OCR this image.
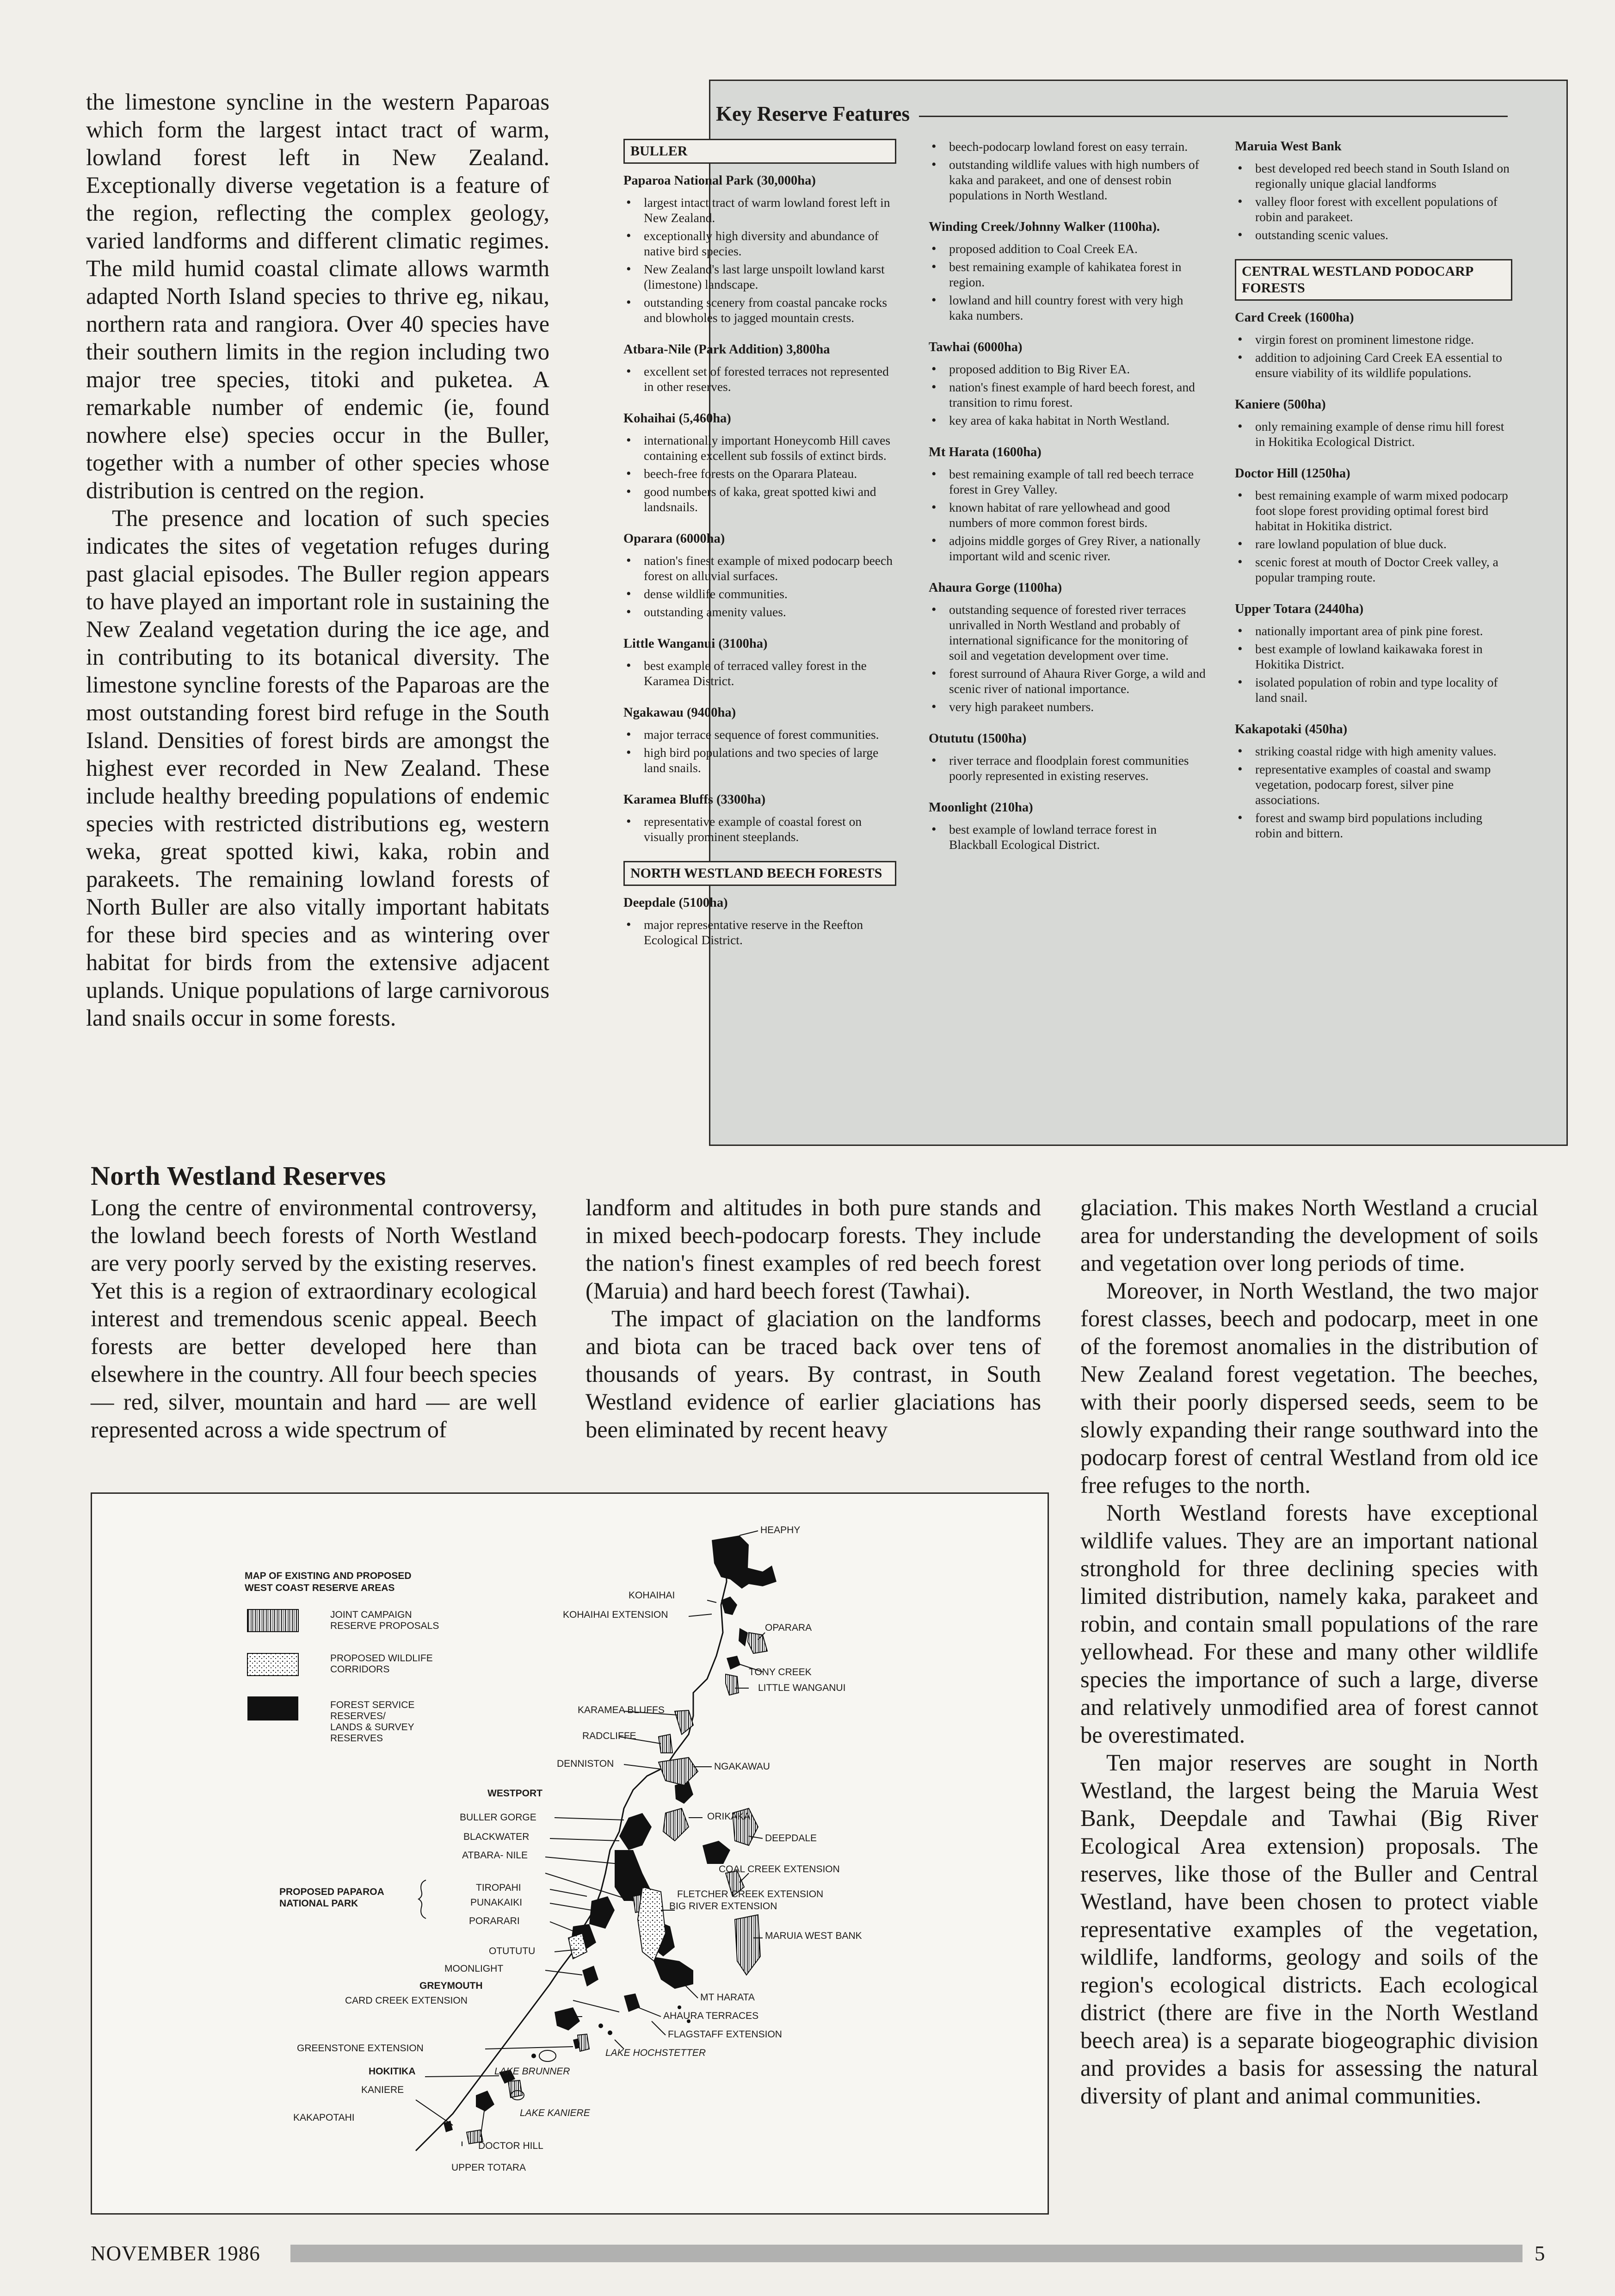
the limestone syncline in the western Paparoas which form the largest intact tract of warm, lowland forest left in New Zealand. Exceptionally diverse vegetation is a feature of the region, reflecting the complex geology, varied landforms and different climatic regimes. The mild humid coastal climate allows warmth adapted North Island species to thrive eg, nikau, northern rata and rangiora. Over 40 species have their southern limits in the region including two major tree species, titoki and puketea. A remarkable number of endemic (ie, found nowhere else) species occur in the Buller, together with a number of other species whose distribution is centred on the region.

The presence and location of such species indicates the sites of vegetation refuges during past glacial episodes. The Buller region appears to have played an important role in sustaining the New Zealand vegetation during the ice age, and in contributing to its botanical diversity. The limestone syncline forests of the Paparoas are the most outstanding forest bird refuge in the South Island. Densities of forest birds are amongst the highest ever recorded in New Zealand. These include healthy breeding populations of endemic species with restricted distributions eg, western weka, great spotted kiwi, kaka, robin and parakeets. The remaining lowland forests of North Buller are also vitally important habitats for these bird species and as wintering over habitat for birds from the extensive adjacent uplands. Unique populations of large carnivorous land snails occur in some forests.

Key Reserve Features
BULLER
Paparoa National Park (30,000ha)
• largest intact tract of warm lowland forest left in New Zealand.
• exceptionally high diversity and abundance of native bird species.
• New Zealand's last large unspoilt lowland karst (limestone) landscape.
• outstanding scenery from coastal pancake rocks and blowholes to jagged mountain crests.
Atbara-Nile (Park Addition) 3,800ha
• excellent set of forested terraces not represented in other reserves.
Kohaihai (5,460ha)
• internationally important Honeycomb Hill caves containing excellent sub fossils of extinct birds.
• beech-free forests on the Oparara Plateau.
• good numbers of kaka, great spotted kiwi and landsnails.
Oparara (6000ha)
• nation's finest example of mixed podocarp beech forest on alluvial surfaces.
• dense wildlife communities.
• outstanding amenity values.
Little Wanganui (3100ha)
• best example of terraced valley forest in the Karamea District.
Ngakawau (9400ha)
• major terrace sequence of forest communities.
• high bird populations and two species of large land snails.
Karamea Bluffs (3300ha)
• representative example of coastal forest on visually prominent steeplands.
NORTH WESTLAND BEECH FORESTS
Deepdale (5100ha)
• major representative reserve in the Reefton Ecological District.
• beech-podocarp lowland forest on easy terrain.
• outstanding wildlife values with high numbers of kaka and parakeet, and one of densest robin populations in North Westland.
Winding Creek/Johnny Walker (1100ha).
• proposed addition to Coal Creek EA.
• best remaining example of kahikatea forest in region.
• lowland and hill country forest with very high kaka numbers.
Tawhai (6000ha)
• proposed addition to Big River EA.
• nation's finest example of hard beech forest, and transition to rimu forest.
• key area of kaka habitat in North Westland.
Mt Harata (1600ha)
• best remaining example of tall red beech terrace forest in Grey Valley.
• known habitat of rare yellowhead and good numbers of more common forest birds.
• adjoins middle gorges of Grey River, a nationally important wild and scenic river.
Ahaura Gorge (1100ha)
• outstanding sequence of forested river terraces unrivalled in North Westland and probably of international significance for the monitoring of soil and vegetation development over time.
• forest surround of Ahaura River Gorge, a wild and scenic river of national importance.
• very high parakeet numbers.
Otututu (1500ha)
• river terrace and floodplain forest communities poorly represented in existing reserves.
Moonlight (210ha)
• best example of lowland terrace forest in Blackball Ecological District.
Maruia West Bank
• best developed red beech stand in South Island on regionally unique glacial landforms
• valley floor forest with excellent populations of robin and parakeet.
• outstanding scenic values.
CENTRAL WESTLAND PODOCARP FORESTS
Card Creek (1600ha)
• virgin forest on prominent limestone ridge.
• addition to adjoining Card Creek EA essential to ensure viability of its wildlife populations.
Kaniere (500ha)
• only remaining example of dense rimu hill forest in Hokitika Ecological District.
Doctor Hill (1250ha)
• best remaining example of warm mixed podocarp foot slope forest providing optimal forest bird habitat in Hokitika district.
• rare lowland population of blue duck.
• scenic forest at mouth of Doctor Creek valley, a popular tramping route.
Upper Totara (2440ha)
• nationally important area of pink pine forest.
• best example of lowland kaikawaka forest in Hokitika District.
• isolated population of robin and type locality of land snail.
Kakapotaki (450ha)
• striking coastal ridge with high amenity values.
• representative examples of coastal and swamp vegetation, podocarp forest, silver pine associations.
• forest and swamp bird populations including robin and bittern.
North Westland Reserves

Long the centre of environmental controversy, the lowland beech forests of North Westland are very poorly served by the existing reserves. Yet this is a region of extraordinary ecological interest and tremendous scenic appeal. Beech forests are better developed here than elsewhere in the country. All four beech species — red, silver, mountain and hard — are well represented across a wide spectrum of

landform and altitudes in both pure stands and in mixed beech-podocarp forests. They include the nation's finest examples of red beech forest (Maruia) and hard beech forest (Tawhai).

The impact of glaciation on the landforms and biota can be traced back over tens of thousands of years. By contrast, in South Westland evidence of earlier glaciations has been eliminated by recent heavy

glaciation. This makes North Westland a crucial area for understanding the development of soils and vegetation over long periods of time.

Moreover, in North Westland, the two major forest classes, beech and podocarp, meet in one of the foremost anomalies in the distribution of New Zealand forest vegetation. The beeches, with their poorly dispersed seeds, seem to be slowly expanding their range southward into the podocarp forest of central Westland from old ice free refuges to the north.

North Westland forests have exceptional wildlife values. They are an important national stronghold for three declining species with limited distribution, namely kaka, parakeet and robin, and contain small populations of the rare yellowhead. For these and many other wildlife species the importance of such a large, diverse and relatively unmodified area of forest cannot be overestimated.

Ten major reserves are sought in North Westland, the largest being the Maruia West Bank, Deepdale and Tawhai (Big River Ecological Area extension) proposals. The reserves, like those of the Buller and Central Westland, have been chosen to protect viable representative examples of the vegetation, wildlife, landforms, geology and soils of the region's ecological districts. Each ecological district (there are five in the North Westland beech area) is a separate biogeographic division and provides a basis for assessing the natural diversity of plant and animal communities.

MAP OF EXISTING AND PROPOSED
WEST COAST RESERVE AREAS
JOINT CAMPAIGN
RESERVE PROPOSALS
PROPOSED WILDLIFE
CORRIDORS
FOREST SERVICE
RESERVES/
LANDS & SURVEY
RESERVES
PROPOSED PAPAROA
NATIONAL PARK
HEAPHY
KOHAIHAI
KOHAIHAI EXTENSION
OPARARA
TONY CREEK
LITTLE WANGANUI
KARAMEA BLUFFS
RADCLIFFE
DENNISTON	NGAKAWAU
ORIKAKA
WESTPORT
BULLER GORGE
DEEPDALE
BLACKWATER
ATBARA- NILE
COAL CREEK EXTENSION
TIROPAHI
PUNAKAIKI
FLETCHER CREEK EXTENSION
BIG RIVER EXTENSION
PORARARI
MARUIA WEST BANK
OTUTUTU
MOONLIGHT
GREYMOUTH
MT HARATA
CARD CREEK EXTENSION
AHAURA TERRACES
FLAGSTAFF EXTENSION
GREENSTONE EXTENSION	LAKE HOCHSTETTER
HOKITIKA	LAKE BRUNNER
KANIERE
LAKE KANIERE
KAKAPOTAHI
DOCTOR HILL
UPPER TOTARA
NOVEMBER 1986	5
